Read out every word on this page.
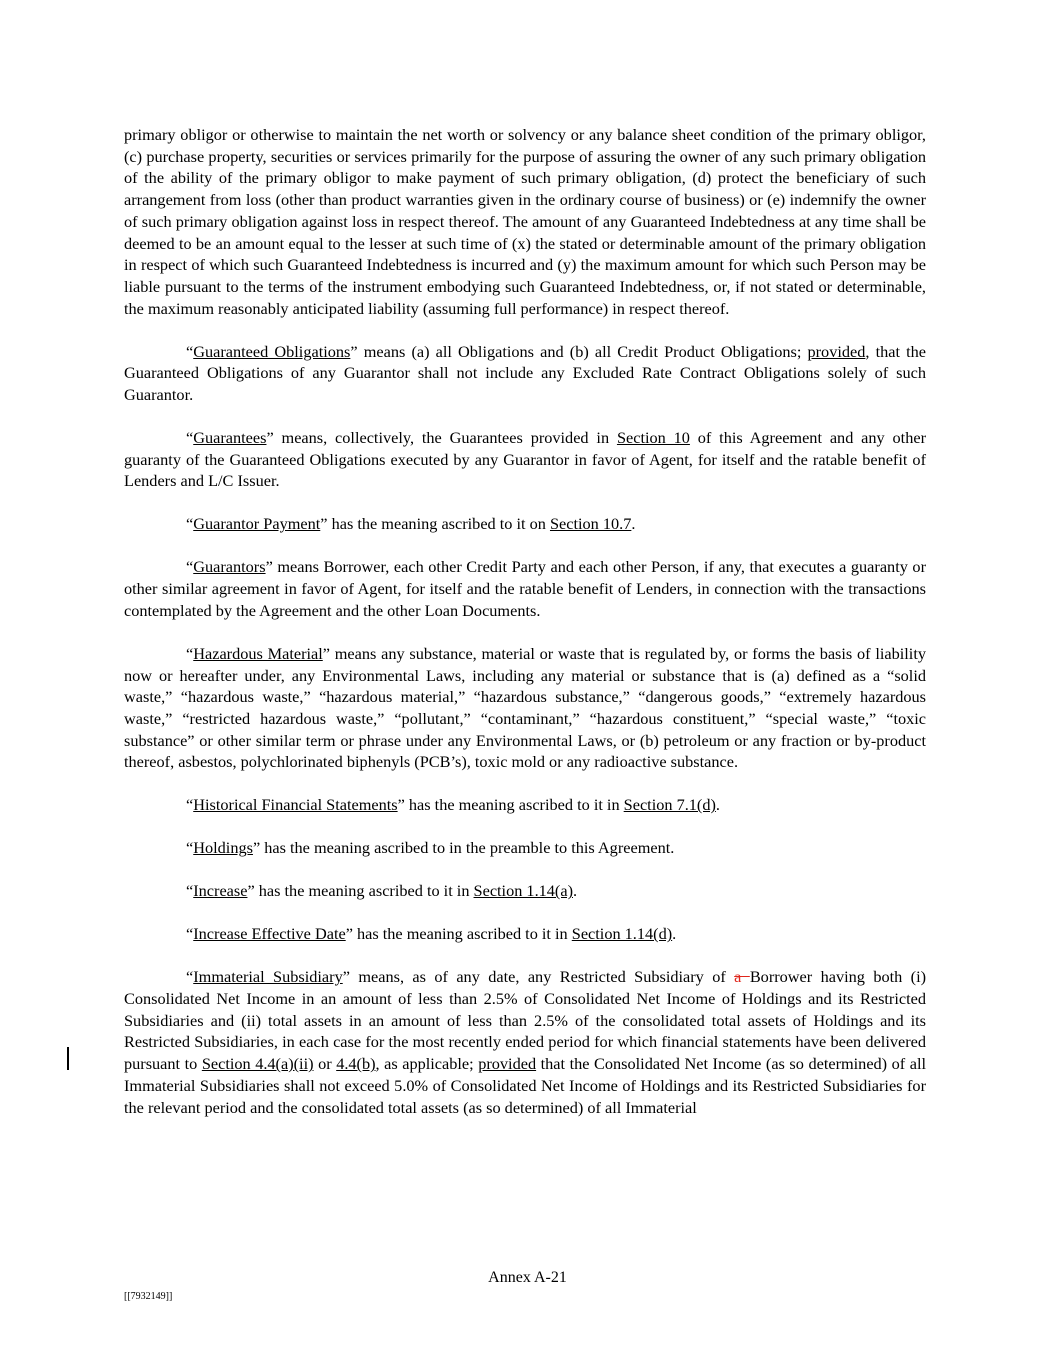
primary obligor or otherwise to maintain the net worth or solvency or any balance sheet condition of the primary obligor, (c) purchase property, securities or services primarily for the purpose of assuring the owner of any such primary obligation of the ability of the primary obligor to make payment of such primary obligation, (d) protect the beneficiary of such arrangement from loss (other than product warranties given in the ordinary course of business) or (e) indemnify the owner of such primary obligation against loss in respect thereof. The amount of any Guaranteed Indebtedness at any time shall be deemed to be an amount equal to the lesser at such time of (x) the stated or determinable amount of the primary obligation in respect of which such Guaranteed Indebtedness is incurred and (y) the maximum amount for which such Person may be liable pursuant to the terms of the instrument embodying such Guaranteed Indebtedness, or, if not stated or determinable, the maximum reasonably anticipated liability (assuming full performance) in respect thereof.

“Guaranteed Obligations” means (a) all Obligations and (b) all Credit Product Obligations; provided, that the Guaranteed Obligations of any Guarantor shall not include any Excluded Rate Contract Obligations solely of such Guarantor.

“Guarantees” means, collectively, the Guarantees provided in Section 10 of this Agreement and any other guaranty of the Guaranteed Obligations executed by any Guarantor in favor of Agent, for itself and the ratable benefit of Lenders and L/C Issuer.

“Guarantor Payment” has the meaning ascribed to it on Section 10.7.

“Guarantors” means Borrower, each other Credit Party and each other Person, if any, that executes a guaranty or other similar agreement in favor of Agent, for itself and the ratable benefit of Lenders, in connection with the transactions contemplated by the Agreement and the other Loan Documents.

“Hazardous Material” means any substance, material or waste that is regulated by, or forms the basis of liability now or hereafter under, any Environmental Laws, including any material or substance that is (a) defined as a “solid waste,” “hazardous waste,” “hazardous material,” “hazardous substance,” “dangerous goods,” “extremely hazardous waste,” “restricted hazardous waste,” “pollutant,” “contaminant,” “hazardous constituent,” “special waste,” “toxic substance” or other similar term or phrase under any Environmental Laws, or (b) petroleum or any fraction or by-product thereof, asbestos, polychlorinated biphenyls (PCB’s), toxic mold or any radioactive substance.

“Historical Financial Statements” has the meaning ascribed to it in Section 7.1(d).

“Holdings” has the meaning ascribed to in the preamble to this Agreement.

“Increase” has the meaning ascribed to it in Section 1.14(a).

“Increase Effective Date” has the meaning ascribed to it in Section 1.14(d).

“Immaterial Subsidiary” means, as of any date, any Restricted Subsidiary of a Borrower having both (i) Consolidated Net Income in an amount of less than 2.5% of Consolidated Net Income of Holdings and its Restricted Subsidiaries and (ii) total assets in an amount of less than 2.5% of the consolidated total assets of Holdings and its Restricted Subsidiaries, in each case for the most recently ended period for which financial statements have been delivered pursuant to Section 4.4(a)(ii) or 4.4(b), as applicable; provided that the Consolidated Net Income (as so determined) of all Immaterial Subsidiaries shall not exceed 5.0% of Consolidated Net Income of Holdings and its Restricted Subsidiaries for the relevant period and the consolidated total assets (as so determined) of all Immaterial

Annex A-21
[[7932149]]
